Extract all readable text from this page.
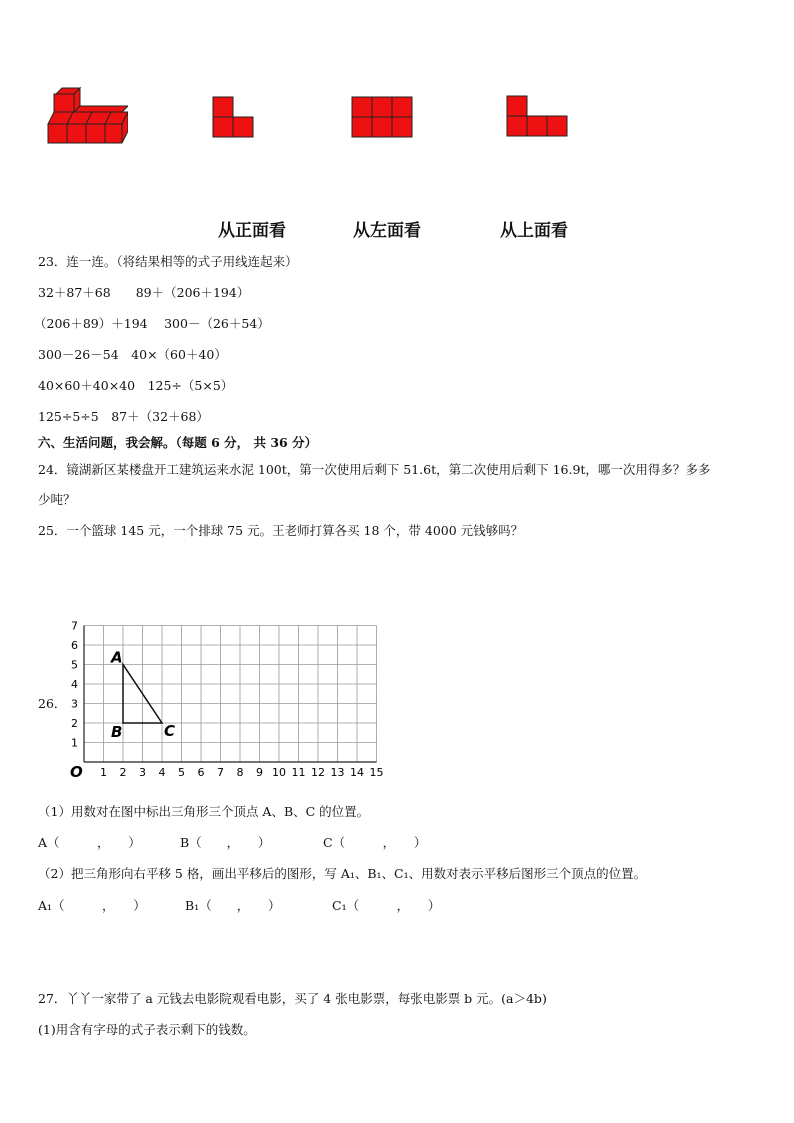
从正面看	从左面看	从上面看
23．连一连。（将结果相等的式子用线连起来）
32＋87＋68　　89＋（206＋194）
（206＋89）＋194　 300－（26＋54）
300－26－54　40×（60＋40）
40×60＋40×40　125÷（5×5）
125÷5÷5　87＋（32＋68）
六、生活问题，我会解。（每题 6 分， 共 36 分）
24．镜湖新区某楼盘开工建筑运来水泥 100t，第一次使用后剩下 51.6t，第二次使用后剩下 16.9t，哪一次用得多？多多
少吨？
25．一个篮球 145 元，一个排球 75 元。王老师打算各买 18 个，带 4000 元钱够吗？
26．
1 2 3 4 5 6 7 8 9 10 11 12 13 14 15
1
2
3
4
5
6
7
O
A
B	C
（1）用数对在图中标出三角形三个顶点 A、B、C 的位置。
A（　　　，　　）	B（　　，　　）	C（　　　，　　）
（2）把三角形向右平移 5 格，画出平移后的图形，写 A₁、B₁、C₁、用数对表示平移后图形三个顶点的位置。
A₁（　　　，　　）	B₁（　　，　　）	C₁（　　　，　　）
27．丫丫一家带了 a 元钱去电影院观看电影，买了 4 张电影票，每张电影票 b 元。(a＞4b)
(1)用含有字母的式子表示剩下的钱数。
